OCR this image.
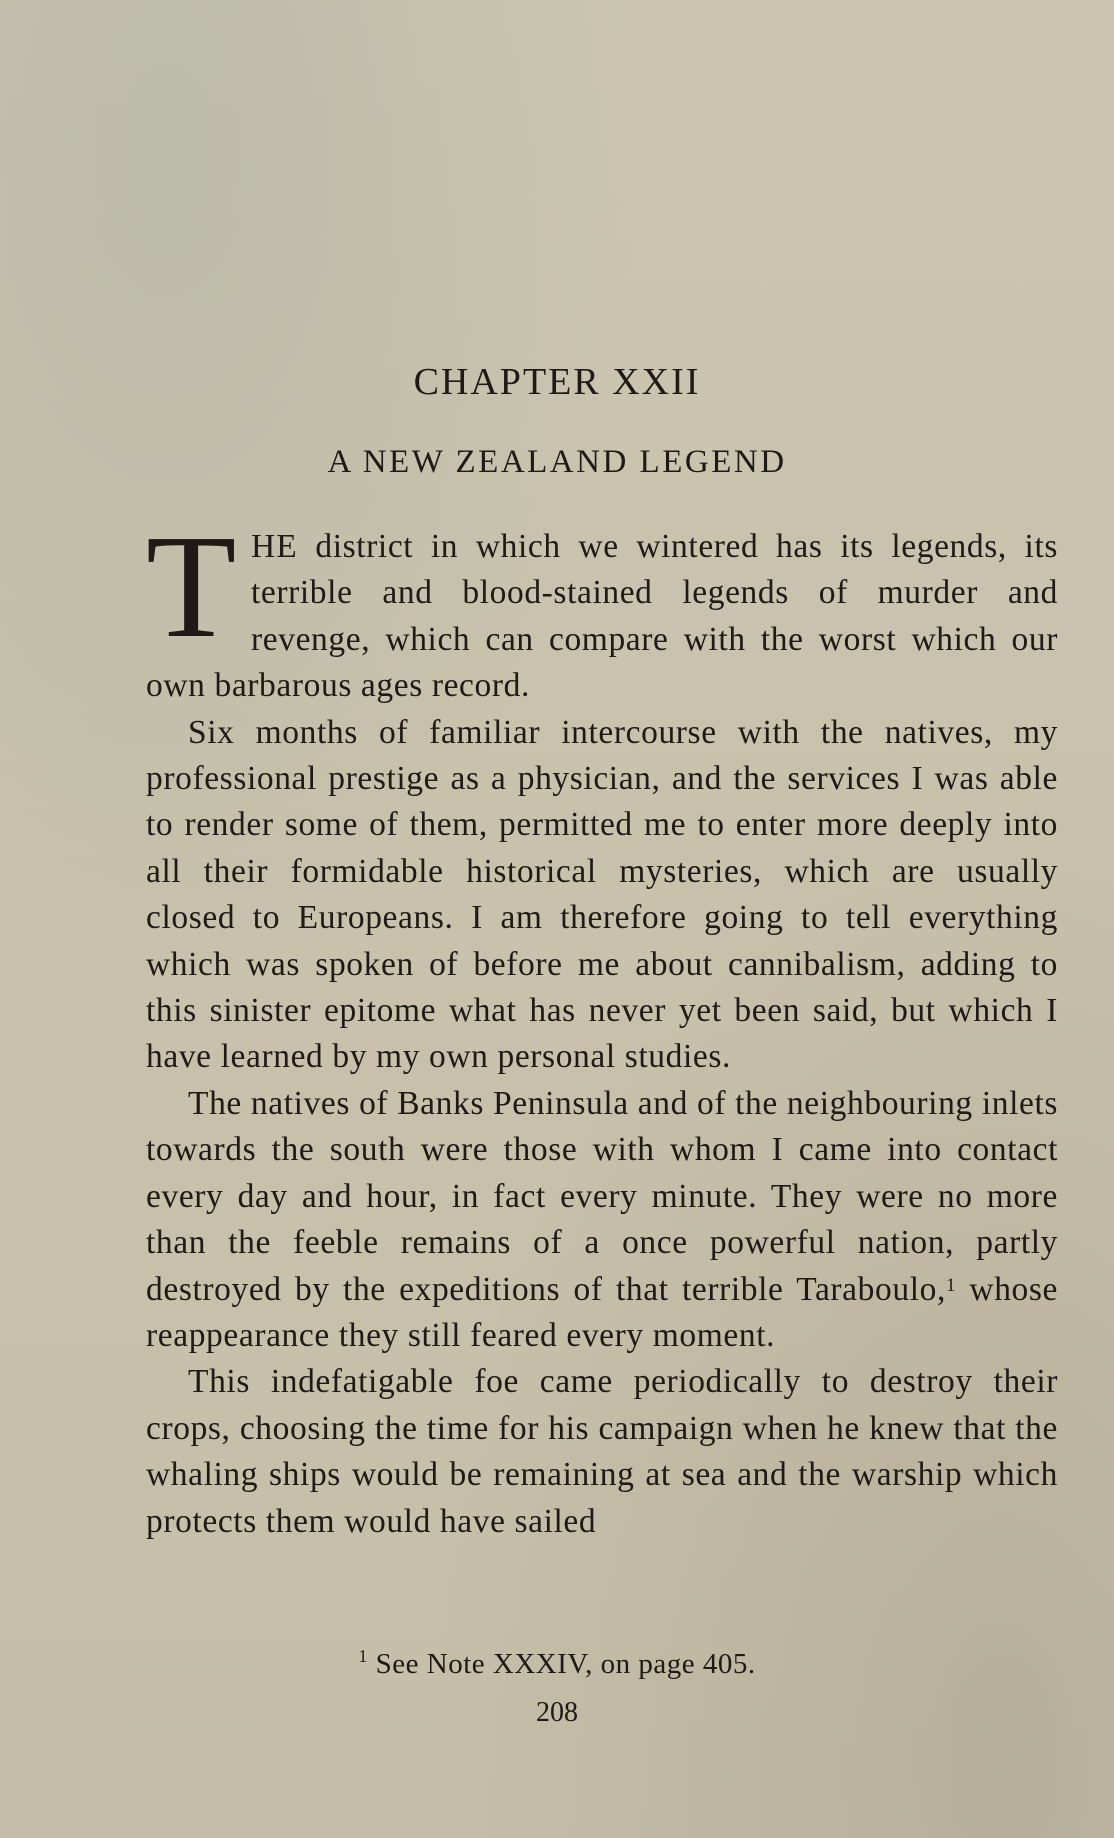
CHAPTER XXII
A NEW ZEALAND LEGEND

THE district in which we wintered has its legends, its terrible and blood-stained legends of murder and revenge, which can compare with the worst which our own barbarous ages record.

Six months of familiar intercourse with the natives, my professional prestige as a physician, and the services I was able to render some of them, permitted me to enter more deeply into all their formidable historical mysteries, which are usually closed to Europeans. I am therefore going to tell everything which was spoken of before me about cannibalism, adding to this sinister epitome what has never yet been said, but which I have learned by my own personal studies.

The natives of Banks Peninsula and of the neighbouring inlets towards the south were those with whom I came into contact every day and hour, in fact every minute. They were no more than the feeble remains of a once powerful nation, partly destroyed by the expeditions of that terrible Taraboulo,$^1$ whose reappearance they still feared every moment.

This indefatigable foe came periodically to destroy their crops, choosing the time for his campaign when he knew that the whaling ships would be remaining at sea and the warship which protects them would have sailed

$^1$ See Note XXXIV, on page 405.
208
